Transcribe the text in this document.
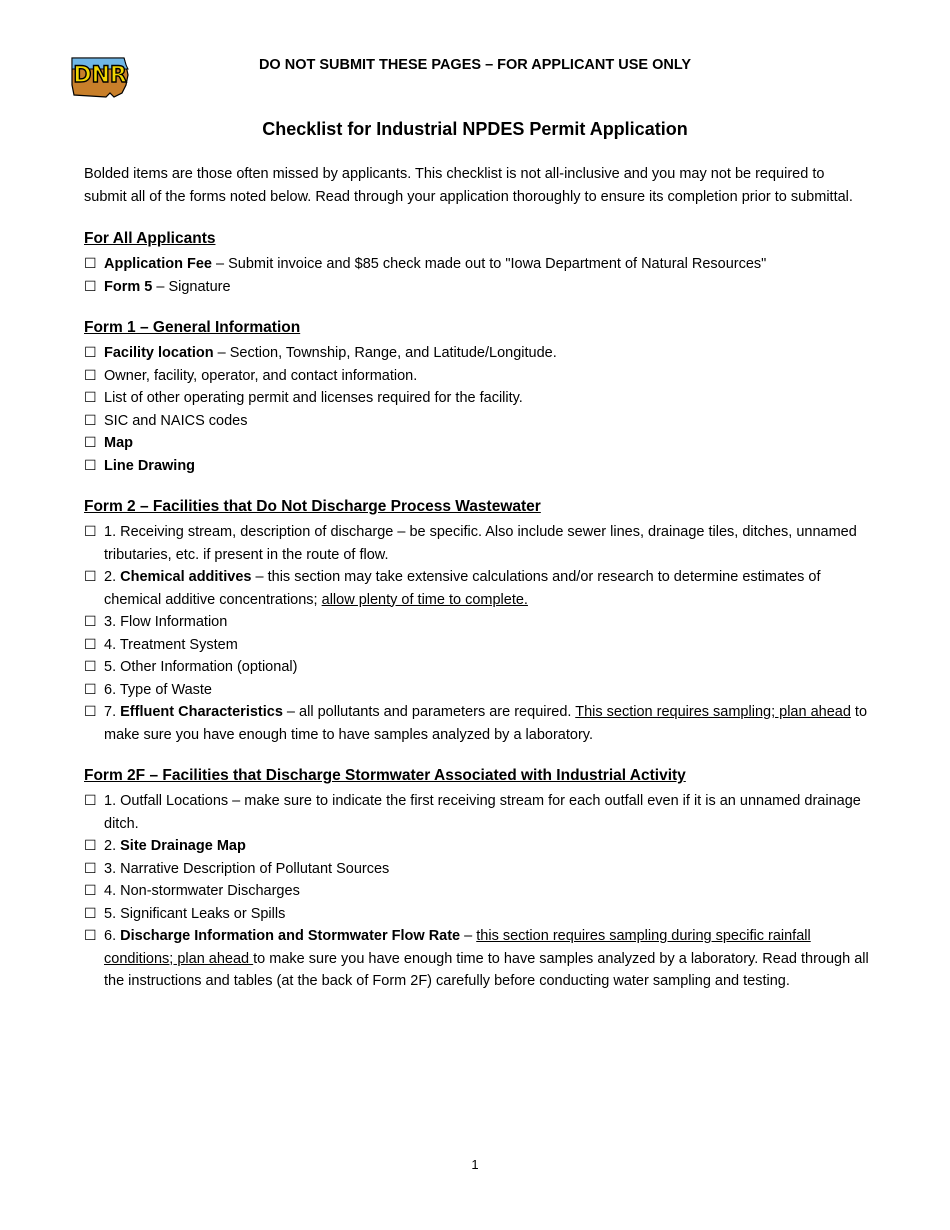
DNR	DO NOT SUBMIT THESE PAGES – FOR APPLICANT USE ONLY
Checklist for Industrial NPDES Permit Application

Bolded items are those often missed by applicants. This checklist is not all-inclusive and you may not be required to submit all of the forms noted below. Read through your application thoroughly to ensure its completion prior to submittal.

For All Applicants
☐ Application Fee – Submit invoice and $85 check made out to "Iowa Department of Natural Resources"
☐ Form 5 – Signature
Form 1 – General Information
☐ Facility location – Section, Township, Range, and Latitude/Longitude.
☐ Owner, facility, operator, and contact information.
☐ List of other operating permit and licenses required for the facility.
☐ SIC and NAICS codes
☐ Map
☐ Line Drawing
Form 2 – Facilities that Do Not Discharge Process Wastewater
☐ 1. Receiving stream, description of discharge – be specific. Also include sewer lines, drainage tiles, ditches, unnamed tributaries, etc. if present in the route of flow.
☐ 2. Chemical additives – this section may take extensive calculations and/or research to determine estimates of chemical additive concentrations; allow plenty of time to complete.
☐ 3. Flow Information
☐ 4. Treatment System
☐ 5. Other Information (optional)
☐ 6. Type of Waste
☐ 7. Effluent Characteristics – all pollutants and parameters are required. This section requires sampling; plan ahead to make sure you have enough time to have samples analyzed by a laboratory.
Form 2F – Facilities that Discharge Stormwater Associated with Industrial Activity
☐ 1. Outfall Locations – make sure to indicate the first receiving stream for each outfall even if it is an unnamed drainage ditch.
☐ 2. Site Drainage Map
☐ 3. Narrative Description of Pollutant Sources
☐ 4. Non-stormwater Discharges
☐ 5. Significant Leaks or Spills
☐ 6. Discharge Information and Stormwater Flow Rate – this section requires sampling during specific rainfall conditions; plan ahead to make sure you have enough time to have samples analyzed by a laboratory. Read through all the instructions and tables (at the back of Form 2F) carefully before conducting water sampling and testing.
1
